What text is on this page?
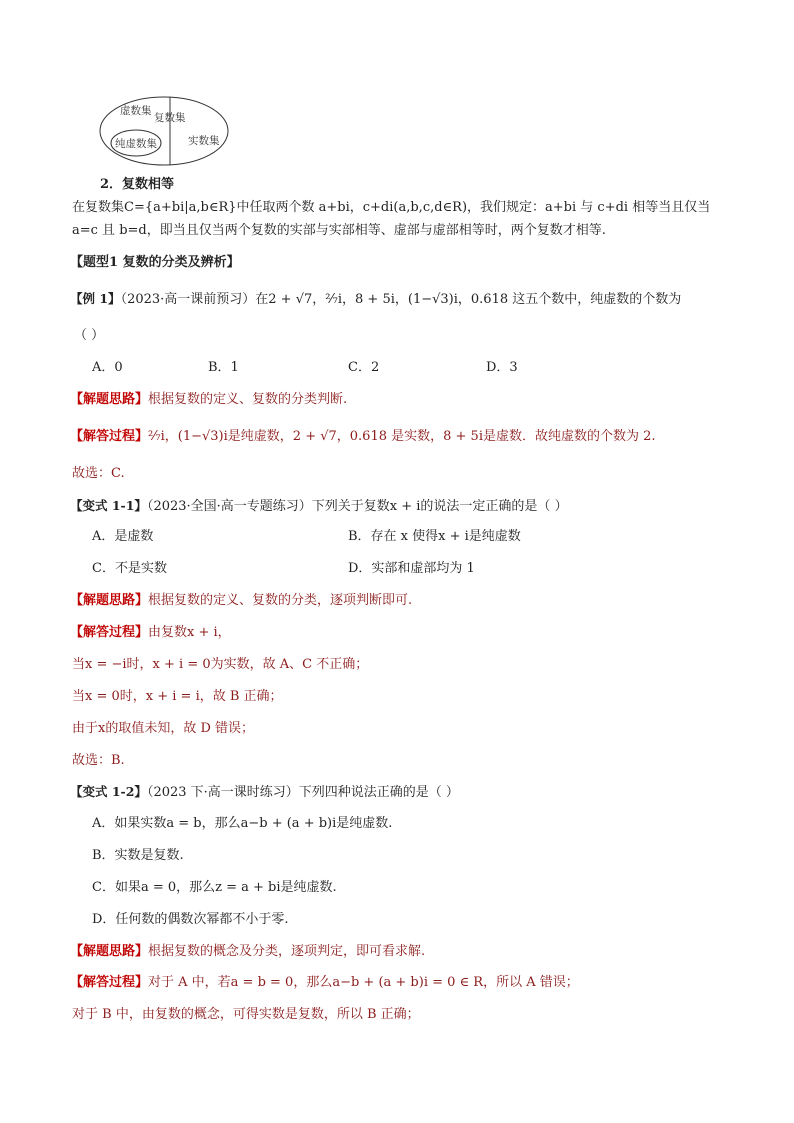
虚数集
复数集
纯虚数集	实数集
2．复数相等
在复数集C={a+bi|a,b∈R}中任取两个数 a+bi，c+di(a,b,c,d∈R)，我们规定：a+bi 与 c+di 相等当且仅当
a=c 且 b=d，即当且仅当两个复数的实部与实部相等、虚部与虚部相等时，两个复数才相等.
【题型1 复数的分类及辨析】
【例 1】（2023·高一课前预习）在2 + √7，²⁄₇i，8 + 5i，(1−√3)i，0.618 这五个数中，纯虚数的个数为
（ ）
A．0	B．1	C．2	D．3
【解题思路】根据复数的定义、复数的分类判断.
【解答过程】²⁄₇i，(1−√3)i是纯虚数，2 + √7，0.618 是实数，8 + 5i是虚数．故纯虚数的个数为 2.
故选：C.
【变式 1-1】（2023·全国·高一专题练习）下列关于复数x + i的说法一定正确的是（ ）
A．是虚数	B．存在 x 使得x + i是纯虚数
C．不是实数	D．实部和虚部均为 1
【解题思路】根据复数的定义、复数的分类，逐项判断即可.
【解答过程】由复数x + i，
当x = −i时，x + i = 0为实数，故 A、C 不正确；
当x = 0时，x + i = i，故 B 正确；
由于x的取值未知，故 D 错误；
故选：B.
【变式 1-2】（2023 下·高一课时练习）下列四种说法正确的是（ ）
A．如果实数a = b，那么a−b + (a + b)i是纯虚数.
B．实数是复数.
C．如果a = 0，那么z = a + bi是纯虚数.
D．任何数的偶数次幂都不小于零.
【解题思路】根据复数的概念及分类，逐项判定，即可看求解.
【解答过程】对于 A 中，若a = b = 0，那么a−b + (a + b)i = 0 ∈ R，所以 A 错误；
对于 B 中，由复数的概念，可得实数是复数，所以 B 正确；
